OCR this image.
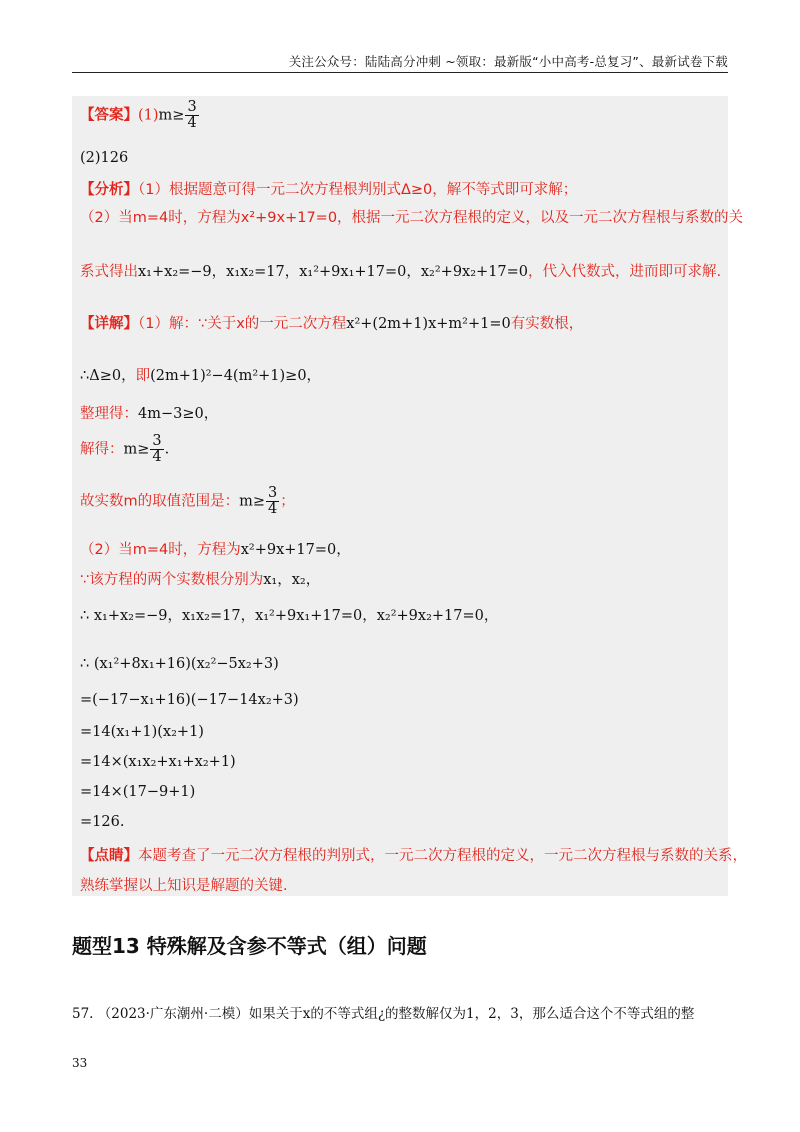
关注公众号：陆陆高分冲刺 ~领取：最新版“小中高考-总复习”、最新试卷下载
【答案】$(1)m\ge \frac{3}{4}$
(2)126
【分析】（1）根据题意可得一元二次方程根判别式Δ≥0，解不等式即可求解；
（2）当m=4时，方程为x²+9x+17=0，根据一元二次方程根的定义，以及一元二次方程根与系数的关
系式得出x₁+x₂=−9，x₁x₂=17，x₁²+9x₁+17=0，x₂²+9x₂+17=0，代入代数式，进而即可求解.
【详解】（1）解：∵关于x的一元二次方程x²+(2m+1)x+m²+1=0有实数根，
∴Δ≥0，即(2m+1)²−4(m²+1)≥0，
整理得：4m−3≥0，
解得：$m\ge \frac{3}{4}$ .
故实数m的取值范围是：$m\ge \frac{3}{4}$ ；
（2）当m=4时，方程为x²+9x+17=0，
∵该方程的两个实数根分别为x₁，x₂，
∴ x₁+x₂=−9，x₁x₂=17，x₁²+9x₁+17=0，x₂²+9x₂+17=0，
∴ (x₁²+8x₁+16)(x₂²−5x₂+3)
=(−17−x₁+16)(−17−14x₂+3)
=14(x₁+1)(x₂+1)
=14×(x₁x₂+x₁+x₂+1)
=14×(17−9+1)
=126.
【点睛】本题考查了一元二次方程根的判别式，一元二次方程根的定义，一元二次方程根与系数的关系，
熟练掌握以上知识是解题的关键.
题型13 特殊解及含参不等式（组）问题
57. （2023·广东潮州·二模）如果关于x的不等式组¿的整数解仅为1，2，3，那么适合这个不等式组的整
33
